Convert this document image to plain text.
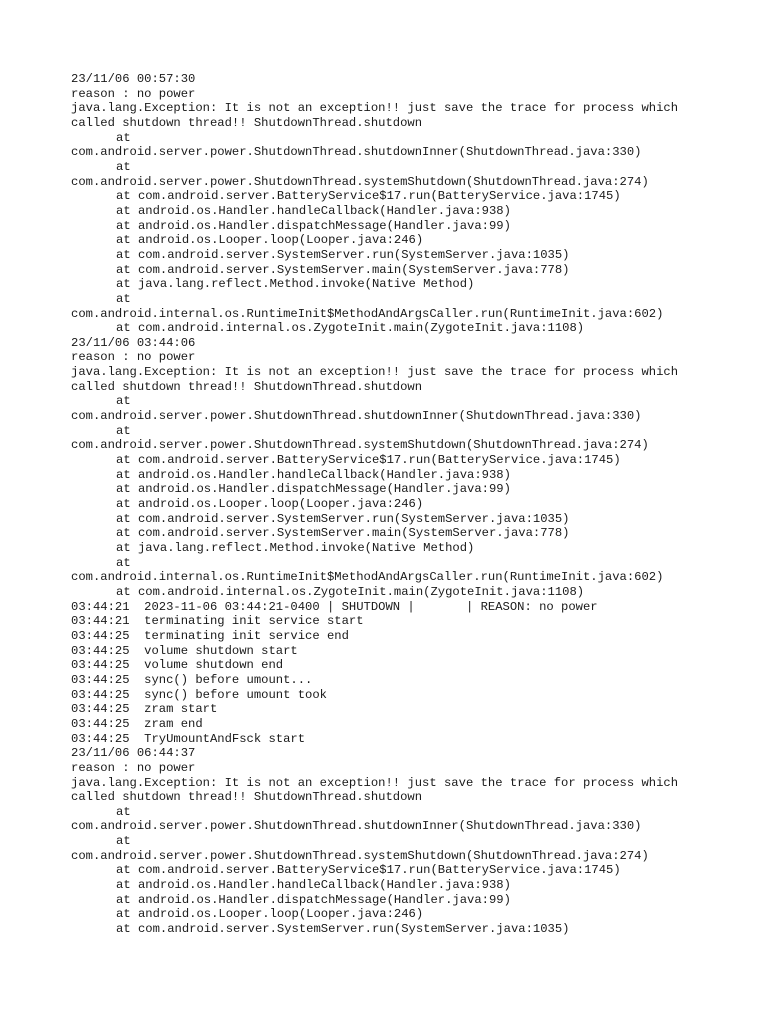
23/11/06 00:57:30
reason : no power
java.lang.Exception: It is not an exception!! just save the trace for process which
called shutdown thread!! ShutdownThread.shutdown
at
com.android.server.power.ShutdownThread.shutdownInner(ShutdownThread.java:330)
at
com.android.server.power.ShutdownThread.systemShutdown(ShutdownThread.java:274)
at com.android.server.BatteryService$17.run(BatteryService.java:1745)
at android.os.Handler.handleCallback(Handler.java:938)
at android.os.Handler.dispatchMessage(Handler.java:99)
at android.os.Looper.loop(Looper.java:246)
at com.android.server.SystemServer.run(SystemServer.java:1035)
at com.android.server.SystemServer.main(SystemServer.java:778)
at java.lang.reflect.Method.invoke(Native Method)
at
com.android.internal.os.RuntimeInit$MethodAndArgsCaller.run(RuntimeInit.java:602)
at com.android.internal.os.ZygoteInit.main(ZygoteInit.java:1108)
23/11/06 03:44:06
reason : no power
java.lang.Exception: It is not an exception!! just save the trace for process which
called shutdown thread!! ShutdownThread.shutdown
at
com.android.server.power.ShutdownThread.shutdownInner(ShutdownThread.java:330)
at
com.android.server.power.ShutdownThread.systemShutdown(ShutdownThread.java:274)
at com.android.server.BatteryService$17.run(BatteryService.java:1745)
at android.os.Handler.handleCallback(Handler.java:938)
at android.os.Handler.dispatchMessage(Handler.java:99)
at android.os.Looper.loop(Looper.java:246)
at com.android.server.SystemServer.run(SystemServer.java:1035)
at com.android.server.SystemServer.main(SystemServer.java:778)
at java.lang.reflect.Method.invoke(Native Method)
at
com.android.internal.os.RuntimeInit$MethodAndArgsCaller.run(RuntimeInit.java:602)
at com.android.internal.os.ZygoteInit.main(ZygoteInit.java:1108)
03:44:21  2023-11-06 03:44:21-0400 | SHUTDOWN |       | REASON: no power
03:44:21  terminating init service start
03:44:25  terminating init service end
03:44:25  volume shutdown start
03:44:25  volume shutdown end
03:44:25  sync() before umount...
03:44:25  sync() before umount took
03:44:25  zram start
03:44:25  zram end
03:44:25  TryUmountAndFsck start
23/11/06 06:44:37
reason : no power
java.lang.Exception: It is not an exception!! just save the trace for process which
called shutdown thread!! ShutdownThread.shutdown
at
com.android.server.power.ShutdownThread.shutdownInner(ShutdownThread.java:330)
at
com.android.server.power.ShutdownThread.systemShutdown(ShutdownThread.java:274)
at com.android.server.BatteryService$17.run(BatteryService.java:1745)
at android.os.Handler.handleCallback(Handler.java:938)
at android.os.Handler.dispatchMessage(Handler.java:99)
at android.os.Looper.loop(Looper.java:246)
at com.android.server.SystemServer.run(SystemServer.java:1035)
